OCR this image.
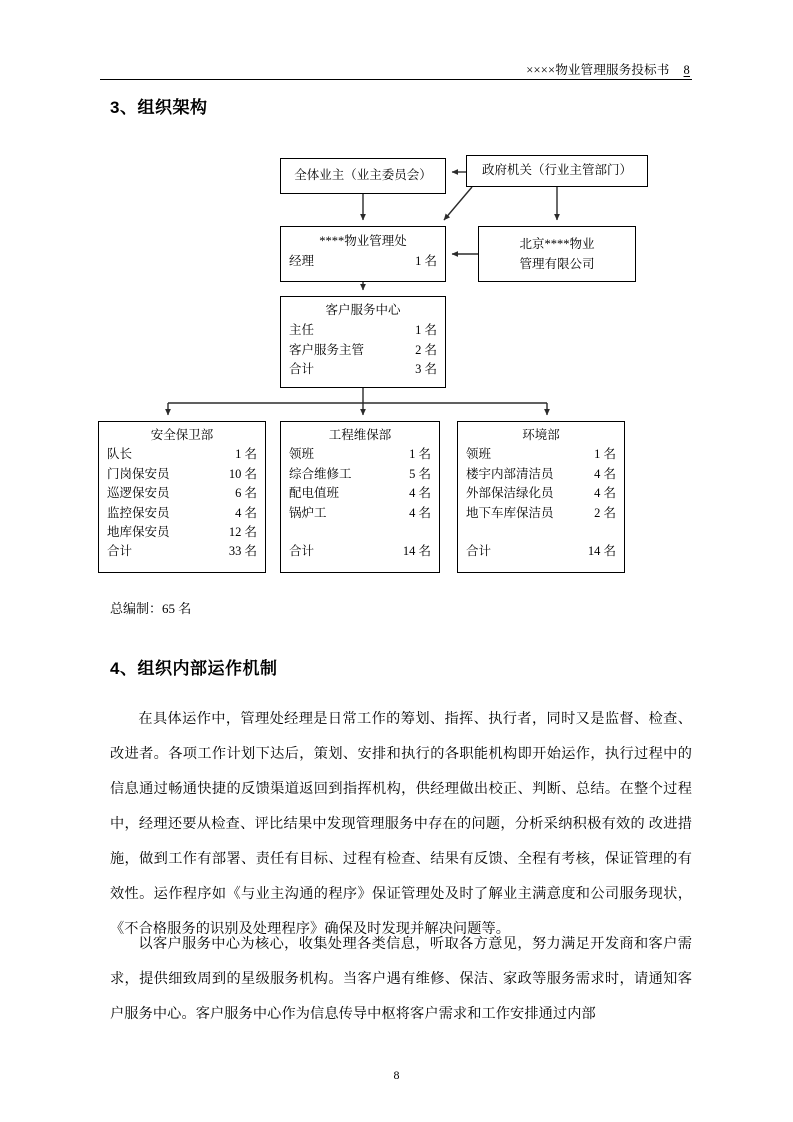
××××物业管理服务投标书 8
3、组织架构
全体业主（业主委员会）	政府机关（行业主管部门）
****物业管理处
经理	1 名
北京****物业
管理有限公司
客户服务中心
主任	1 名
客户服务主管	2 名
合计	3 名
安全保卫部
队长	1 名
门岗保安员	10 名
巡逻保安员	6 名
监控保安员	4 名
地库保安员	12 名
合计	33 名
工程维保部
领班	1 名
综合维修工	5 名
配电值班	4 名
锅炉工	4 名
合计	14 名
环境部
领班	1 名
楼宇内部清洁员	4 名
外部保洁绿化员	4 名
地下车库保洁员	2 名
合计	14 名
总编制：65 名
4、组织内部运作机制

在具体运作中，管理处经理是日常工作的筹划、指挥、执行者，同时又是监督、检查、改进者。各项工作计划下达后，策划、安排和执行的各职能机构即开始运作，执行过程中的信息通过畅通快捷的反馈渠道返回到指挥机构，供经理做出校正、判断、总结。在整个过程中，经理还要从检查、评比结果中发现管理服务中存在的问题，分析采纳积极有效的 改进措施，做到工作有部署、责任有目标、过程有检查、结果有反馈、全程有考核，保证管理的有效性。运作程序如《与业主沟通的程序》保证管理处及时了解业主满意度和公司服务现状，《不合格服务的识别及处理程序》确保及时发现并解决问题等。

以客户服务中心为核心，收集处理各类信息，听取各方意见，努力满足开发商和客户需求，提供细致周到的星级服务机构。当客户遇有维修、保洁、家政等服务需求时，请通知客户服务中心。客户服务中心作为信息传导中枢将客户需求和工作安排通过内部

8
